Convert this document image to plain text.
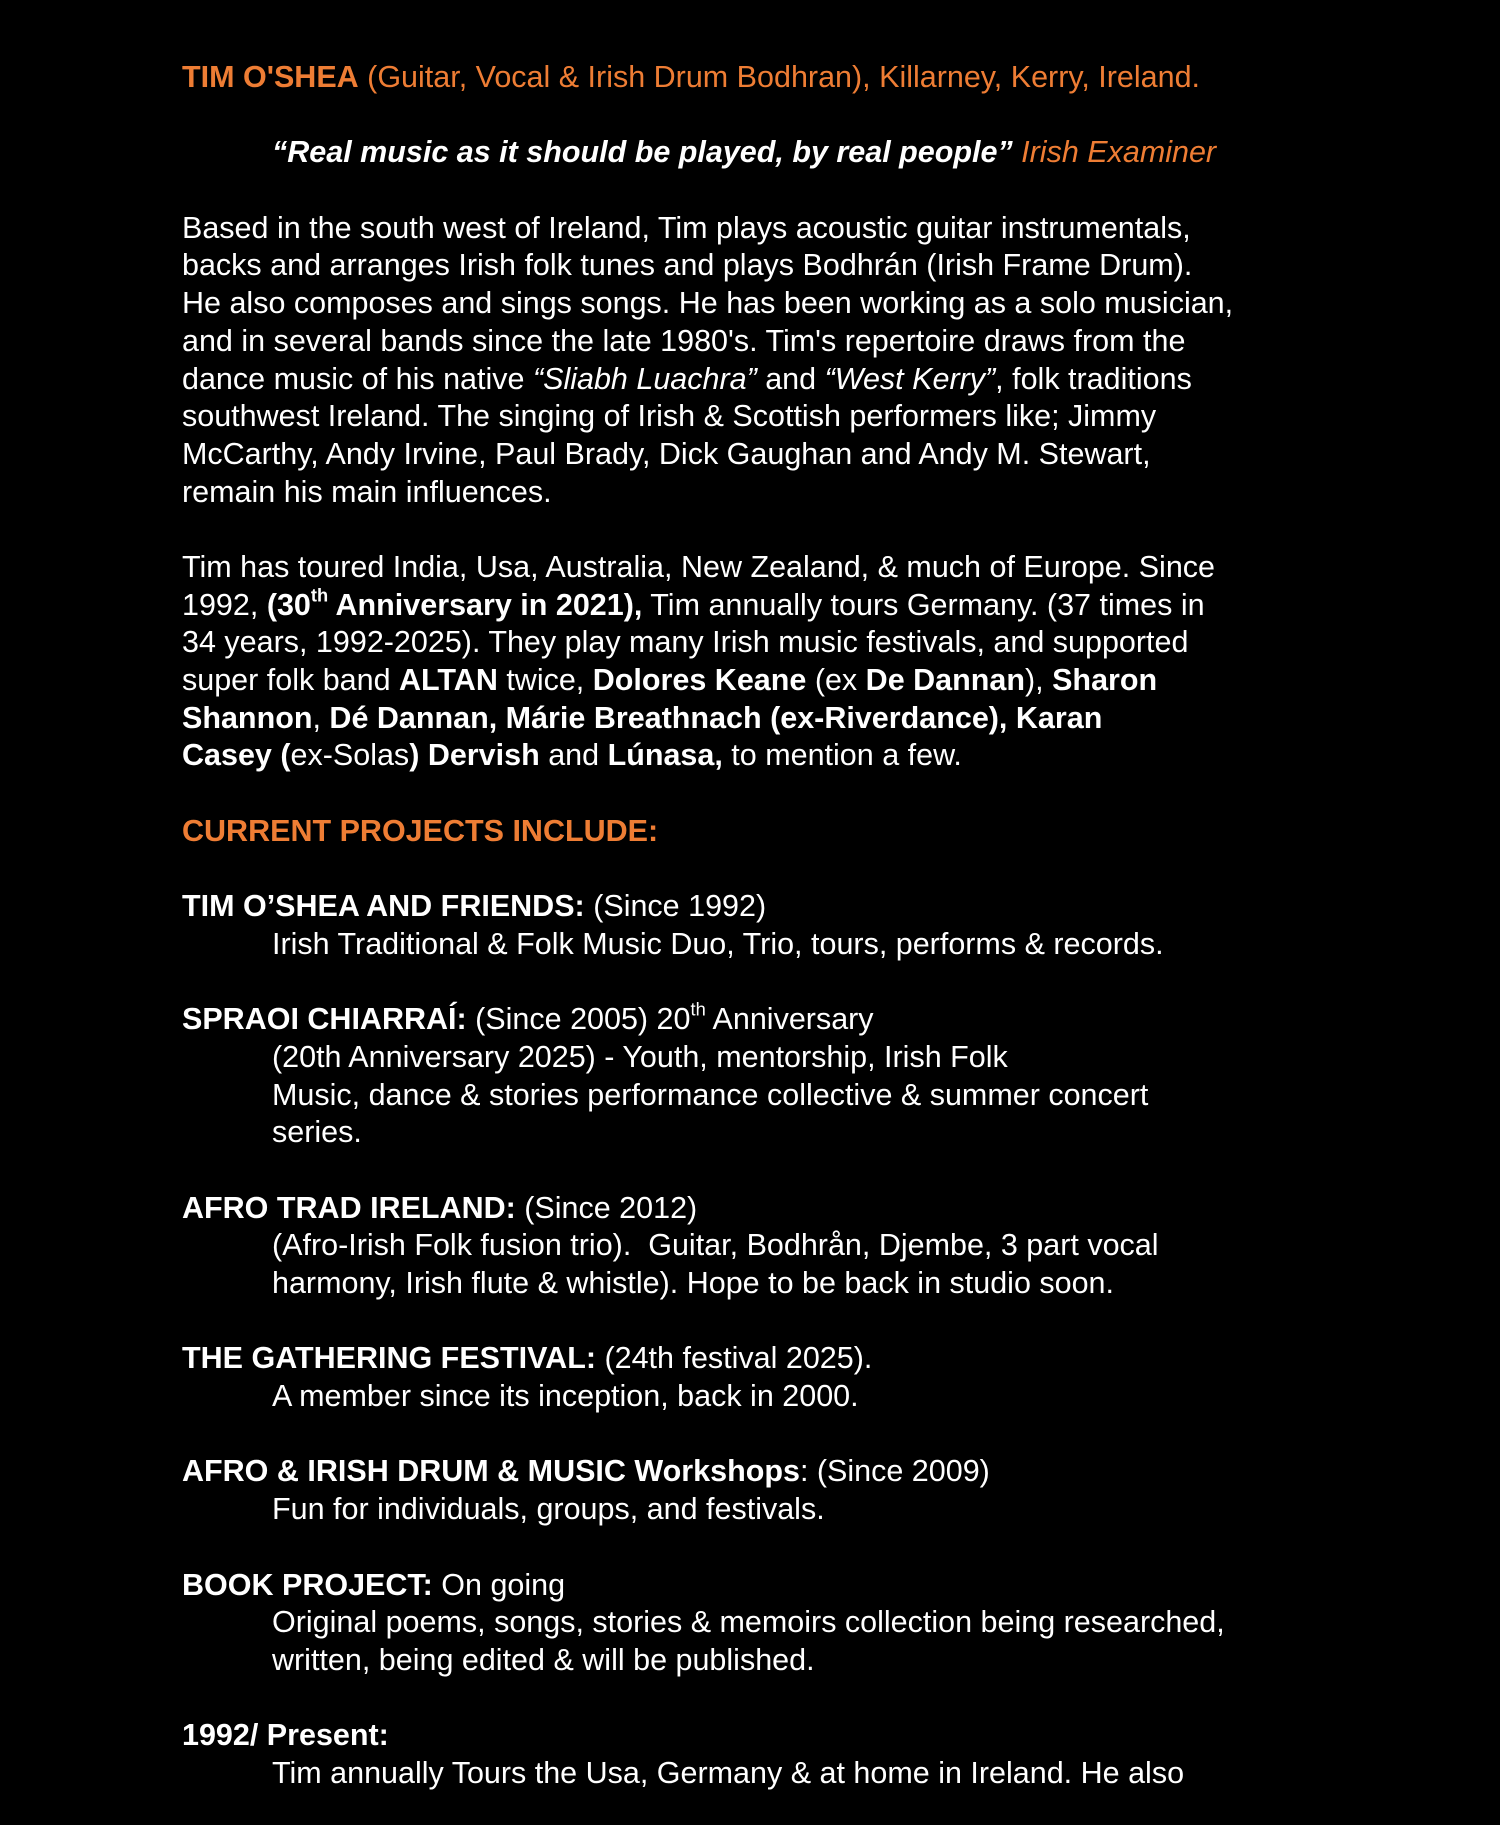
TIM O'SHEA (Guitar, Vocal & Irish Drum Bodhran), Killarney, Kerry, Ireland.
“Real music as it should be played, by real people” Irish Examiner
Based in the south west of Ireland, Tim plays acoustic guitar instrumentals,
backs and arranges Irish folk tunes and plays Bodhrán (Irish Frame Drum).
He also composes and sings songs. He has been working as a solo musician,
and in several bands since the late 1980's. Tim's repertoire draws from the
dance music of his native “Sliabh Luachra” and “West Kerry”, folk traditions
southwest Ireland. The singing of Irish & Scottish performers like; Jimmy
McCarthy, Andy Irvine, Paul Brady, Dick Gaughan and Andy M. Stewart,
remain his main influences.
Tim has toured India, Usa, Australia, New Zealand, & much of Europe. Since
1992, (30th Anniversary in 2021), Tim annually tours Germany. (37 times in
34 years, 1992-2025). They play many Irish music festivals, and supported
super folk band ALTAN twice, Dolores Keane (ex De Dannan), Sharon
Shannon, Dé Dannan, Márie Breathnach (ex-Riverdance), Karan
Casey (ex-Solas) Dervish and Lúnasa, to mention a few.
CURRENT PROJECTS INCLUDE:
TIM O’SHEA AND FRIENDS: (Since 1992)
Irish Traditional & Folk Music Duo, Trio, tours, performs & records.
SPRAOI CHIARRAÍ: (Since 2005) 20th Anniversary
(20th Anniversary 2025) - Youth, mentorship, Irish Folk
Music, dance & stories performance collective & summer concert
series.
AFRO TRAD IRELAND: (Since 2012)
(Afro-Irish Folk fusion trio).  Guitar, Bodhrån, Djembe, 3 part vocal
harmony, Irish flute & whistle). Hope to be back in studio soon.
THE GATHERING FESTIVAL: (24th festival 2025).
A member since its inception, back in 2000.
AFRO & IRISH DRUM & MUSIC Workshops: (Since 2009)
Fun for individuals, groups, and festivals.
BOOK PROJECT: On going
Original poems, songs, stories & memoirs collection being researched,
written, being edited & will be published.
1992/ Present:
Tim annually Tours the Usa, Germany & at home in Ireland. He also
